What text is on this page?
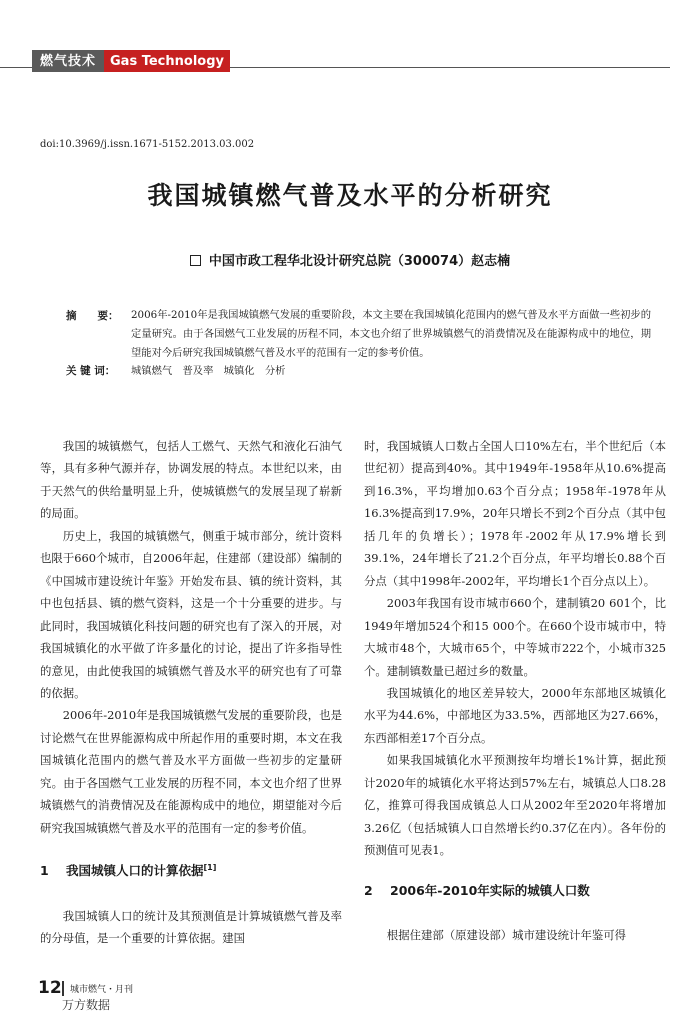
燃气技术	Gas Technology
doi:10.3969/j.issn.1671-5152.2013.03.002
我国城镇燃气普及水平的分析研究
中国市政工程华北设计研究总院（300074）赵志楠
摘　　要：	2006年-2010年是我国城镇燃气发展的重要阶段，本文主要在我国城镇化范围内的燃气普及水平方面做一些初步的定量研究。由于各国燃气工业发展的历程不同，本文也介绍了世界城镇燃气的消费情况及在能源构成中的地位，期望能对今后研究我国城镇燃气普及水平的范围有一定的参考价值。
关 键 词： 城镇燃气　普及率　城镇化　分析

我国的城镇燃气，包括人工燃气、天然气和液化石油气等，具有多种气源并存，协调发展的特点。本世纪以来，由于天然气的供给量明显上升，使城镇燃气的发展呈现了崭新的局面。

历史上，我国的城镇燃气，侧重于城市部分，统计资料也限于660个城市，自2006年起，住建部（建设部）编制的《中国城市建设统计年鉴》开始发布县、镇的统计资料，其中也包括县、镇的燃气资料，这是一个十分重要的进步。与此同时，我国城镇化科技问题的研究也有了深入的开展，对我国城镇化的水平做了许多量化的讨论，提出了许多指导性的意见，由此使我国的城镇燃气普及水平的研究也有了可靠的依据。

2006年-2010年是我国城镇燃气发展的重要阶段，也是讨论燃气在世界能源构成中所起作用的重要时期，本文在我国城镇化范围内的燃气普及水平方面做一些初步的定量研究。由于各国燃气工业发展的历程不同，本文也介绍了世界城镇燃气的消费情况及在能源构成中的地位，期望能对今后研究我国城镇燃气普及水平的范围有一定的参考价值。

1 我国城镇人口的计算依据[1]

我国城镇人口的统计及其预测值是计算城镇燃气普及率的分母值，是一个重要的计算依据。建国

时，我国城镇人口数占全国人口10%左右，半个世纪后（本世纪初）提高到40%。其中1949年-1958年从10.6%提高到16.3%，平均增加0.63个百分点；1958年-1978年从16.3%提高到17.9%，20年只增长不到2个百分点（其中包括几年的负增长）；1978年-2002年从17.9%增长到39.1%，24年增长了21.2个百分点，年平均增长0.88个百分点（其中1998年-2002年，平均增长1个百分点以上）。

2003年我国有设市城市660个，建制镇20 601个，比1949年增加524个和15 000个。在660个设市城市中，特大城市48个，大城市65个，中等城市222个，小城市325个。建制镇数量已超过乡的数量。

我国城镇化的地区差异较大，2000年东部地区城镇化水平为44.6%，中部地区为33.5%，西部地区为27.66%，东西部相差17个百分点。

如果我国城镇化水平预测按年均增长1%计算，据此预计2020年的城镇化水平将达到57%左右，城镇总人口8.28亿，推算可得我国成镇总人口从2002年至2020年将增加3.26亿（包括城镇人口自然增长约0.37亿在内）。各年份的预测值可见表1。

2 2006年-2010年实际的城镇人口数

根据住建部（原建设部）城市建设统计年鉴可得

12 城市燃气・月刊
万方数据
